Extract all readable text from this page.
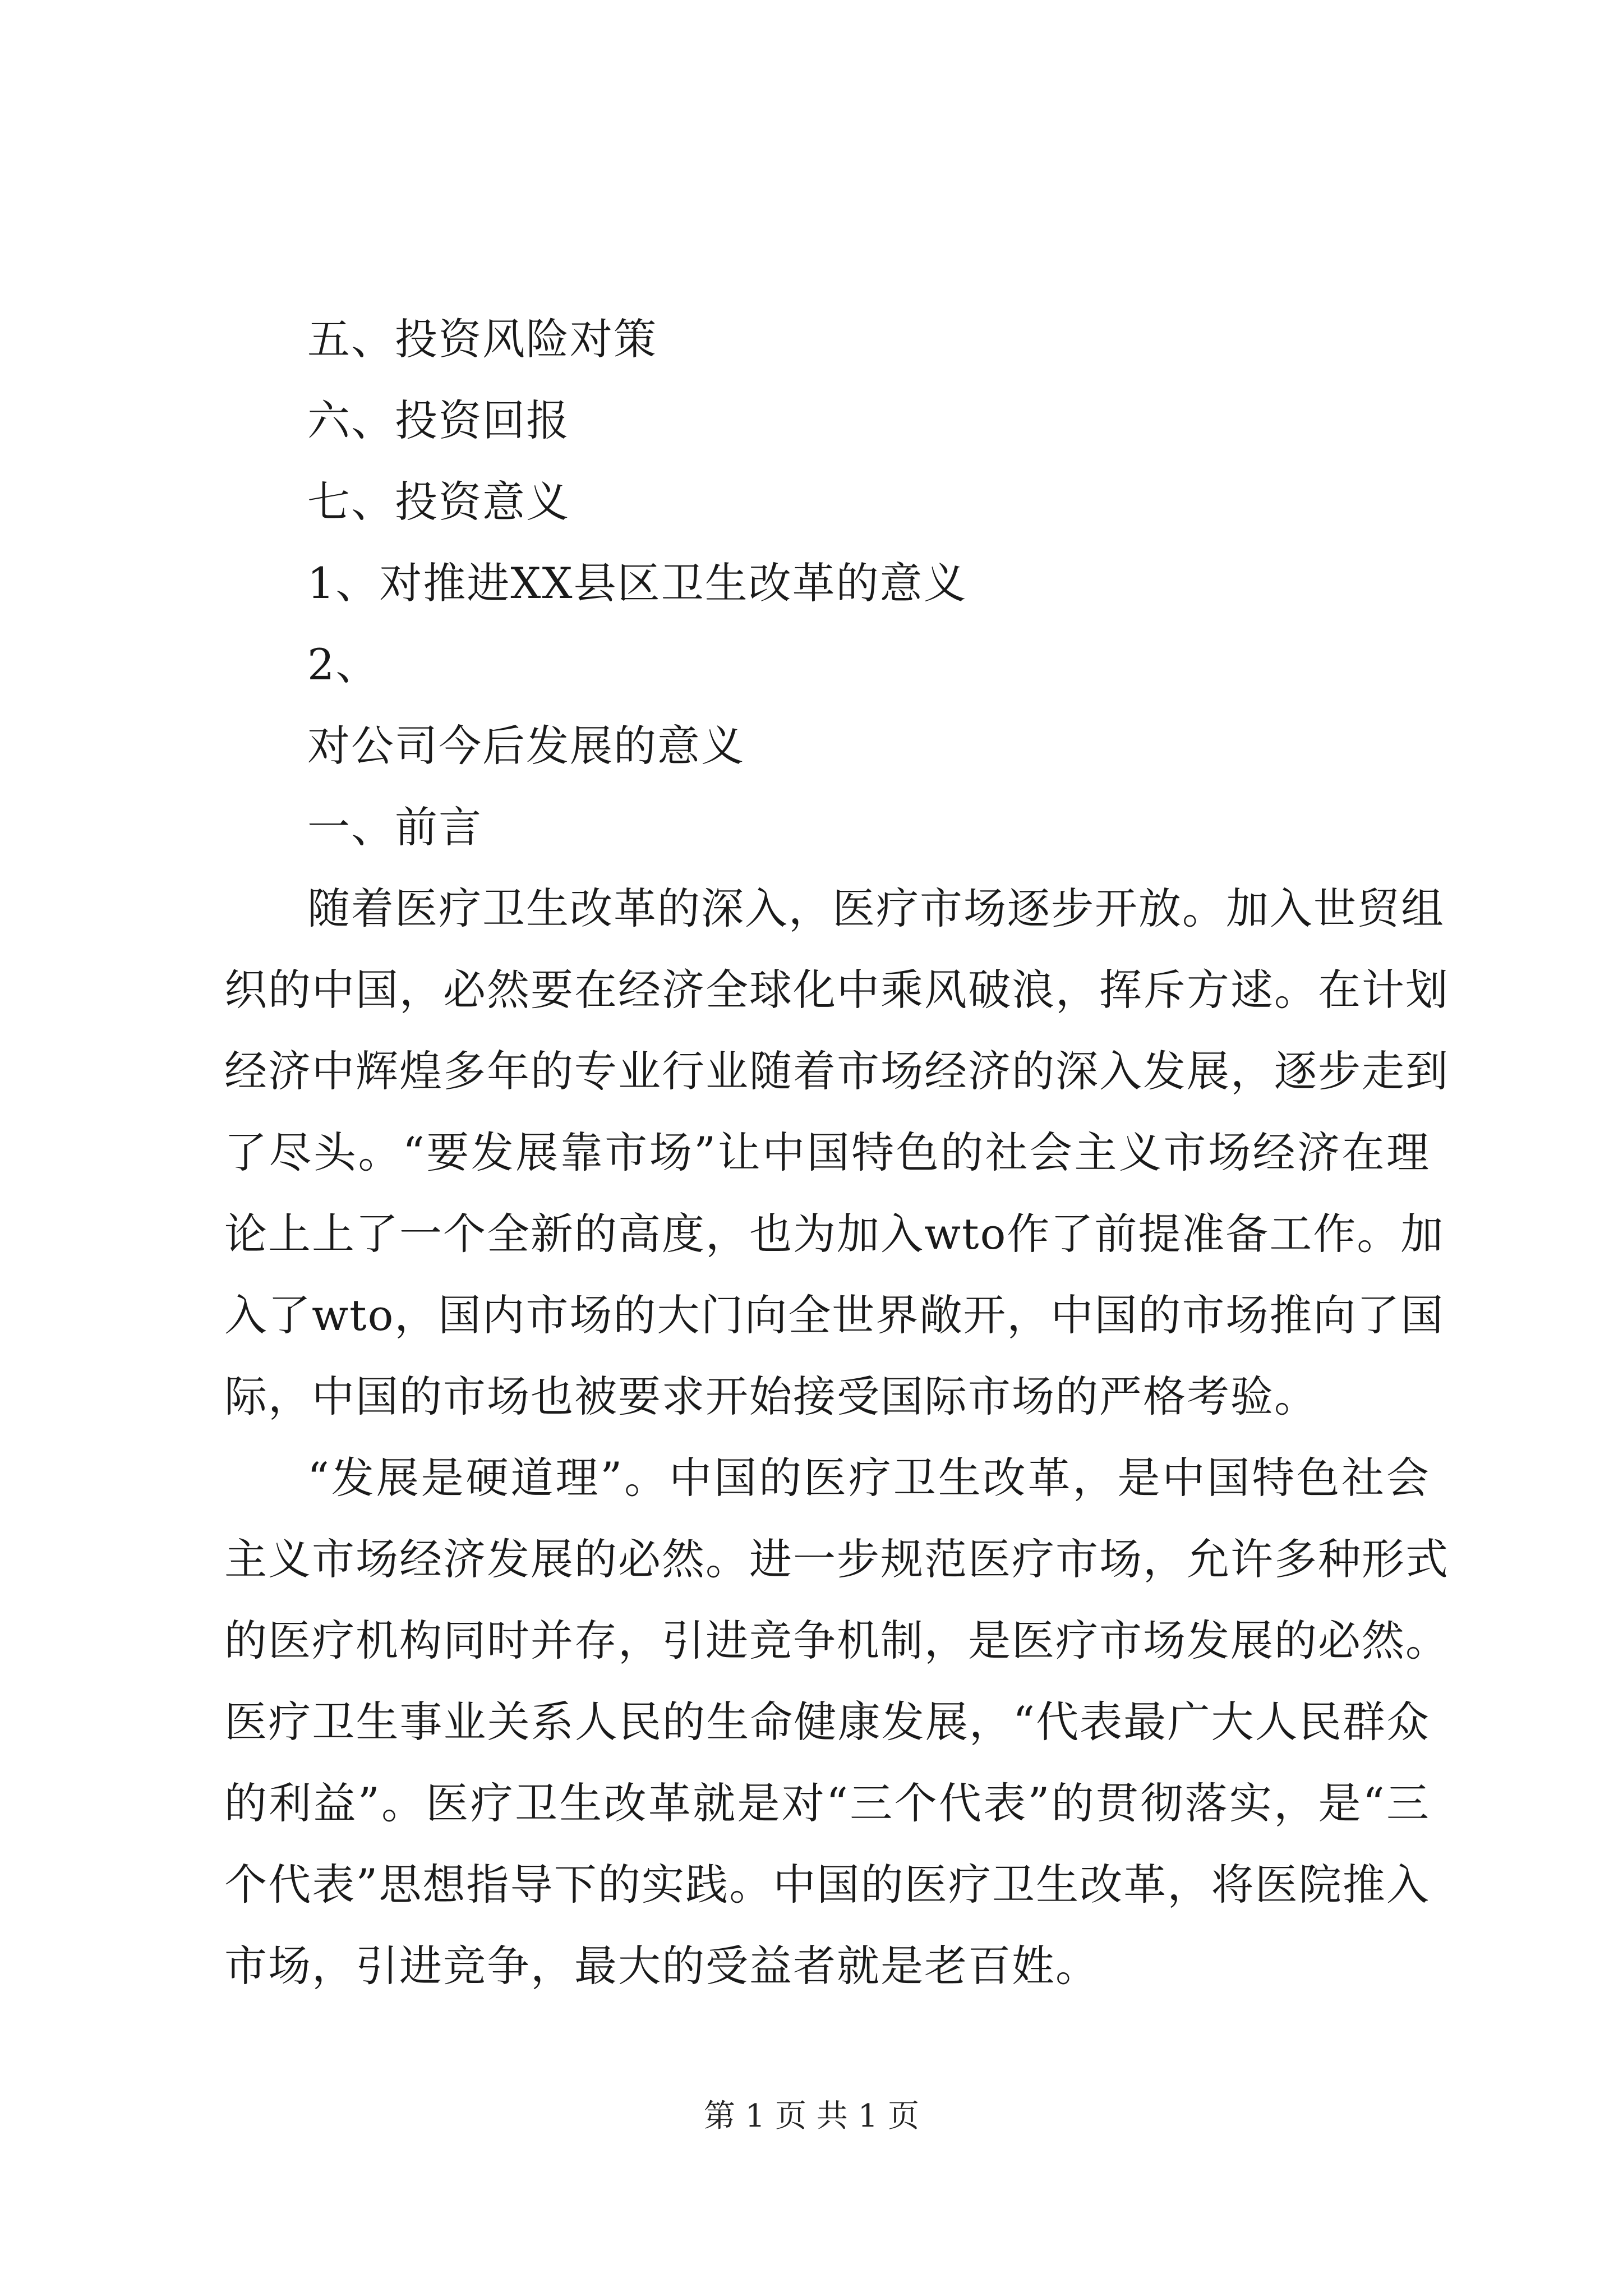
五、投资风险对策
六、投资回报
七、投资意义
1、对推进XX县区卫生改革的意义
2、
对公司今后发展的意义
一、前言
随着医疗卫生改革的深入，医疗市场逐步开放。加入世贸组
织的中国，必然要在经济全球化中乘风破浪，挥斥方逑。在计划
经济中辉煌多年的专业行业随着市场经济的深入发展，逐步走到
了尽头。“要发展靠市场”让中国特色的社会主义市场经济在理
论上上了一个全新的高度，也为加入wto作了前提准备工作。加
入了wto，国内市场的大门向全世界敞开，中国的市场推向了国
际，中国的市场也被要求开始接受国际市场的严格考验。
“发展是硬道理”。中国的医疗卫生改革，是中国特色社会
主义市场经济发展的必然。进一步规范医疗市场，允许多种形式
的医疗机构同时并存，引进竞争机制，是医疗市场发展的必然。
医疗卫生事业关系人民的生命健康发展，“代表最广大人民群众
的利益”。医疗卫生改革就是对“三个代表”的贯彻落实，是“三
个代表”思想指导下的实践。中国的医疗卫生改革，将医院推入
市场，引进竞争，最大的受益者就是老百姓。
第 1 页 共 1 页
